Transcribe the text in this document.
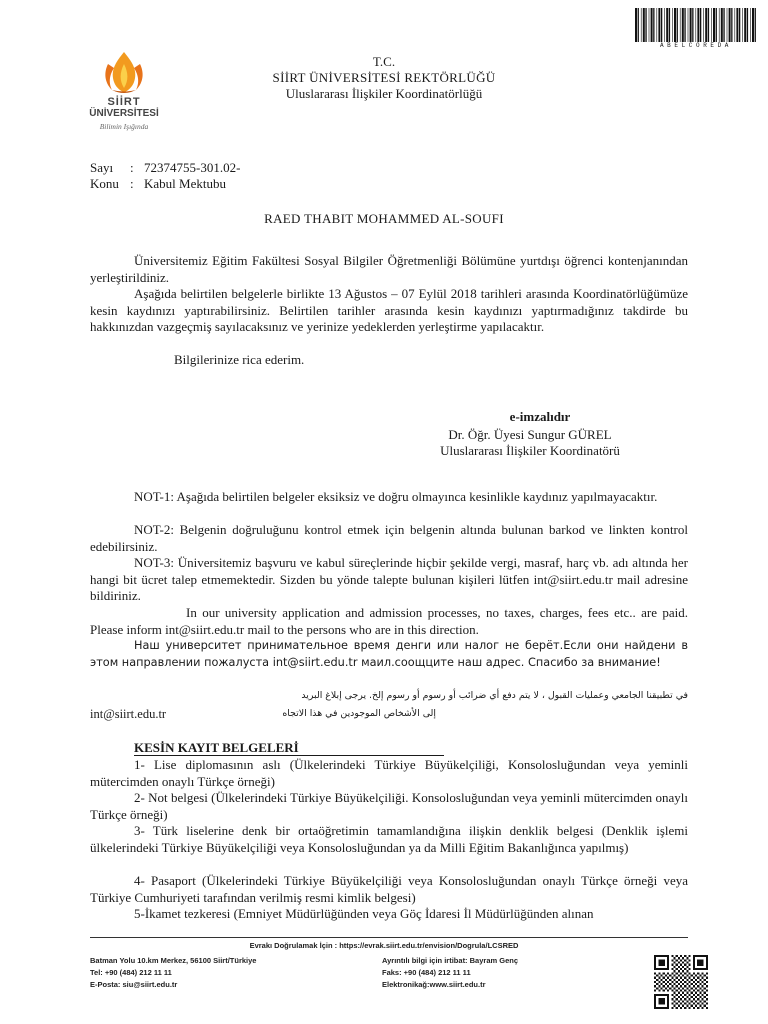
ABELCOREDA
SİİRT
ÜNİVERSİTESİ
Bilimin Işığında
T.C.
SİİRT ÜNİVERSİTESİ REKTÖRLÜĞÜ
Uluslararası İlişkiler Koordinatörlüğü
Sayı : 72374755-301.02-
Konu : Kabul Mektubu
RAED THABIT MOHAMMED AL-SOUFI

Üniversitemiz Eğitim Fakültesi Sosyal Bilgiler Öğretmenliği Bölümüne yurtdışı öğrenci kontenjanından yerleştirildiniz.

Aşağıda belirtilen belgelerle birlikte 13 Ağustos – 07 Eylül 2018 tarihleri arasında Koordinatörlüğümüze kesin kaydınızı yaptırabilirsiniz. Belirtilen tarihler arasında kesin kaydınızı yaptırmadığınız takdirde bu hakkınızdan vazgeçmiş sayılacaksınız ve yerinize yedeklerden yerleştirme yapılacaktır.

Bilgilerinize rica ederim.

e-imzalıdır
Dr. Öğr. Üyesi Sungur GÜREL
Uluslararası İlişkiler Koordinatörü

NOT-1: Aşağıda belirtilen belgeler eksiksiz ve doğru olmayınca kesinlikle kaydınız yapılmayacaktır.

NOT-2: Belgenin doğruluğunu kontrol etmek için belgenin altında bulunan barkod ve linkten kontrol edebilirsiniz.

NOT-3: Üniversitemiz başvuru ve kabul süreçlerinde hiçbir şekilde vergi, masraf, harç vb. adı altında her hangi bit ücret talep etmemektedir. Sizden bu yönde talepte bulunan kişileri lütfen int@siirt.edu.tr mail adresine bildiriniz.

In our university application and admission processes, no taxes, charges, fees etc.. are paid. Please inform int@siirt.edu.tr mail to the persons who are in this direction.

Наш университет принимательное время денги или налог не берёт.Если они найдени в этом направлении пожалуста int@siirt.edu.tr маил.соощците наш адрес. Спасибо за внимание!

في تطبيقنا الجامعي وعمليات القبول ، لا يتم دفع أي ضرائب أو رسوم أو رسوم إلخ. يرجى إبلاغ البريد
int@siirt.edu.tr	إلى الأشخاص الموجودين في هذا الاتجاه
KESİN KAYIT BELGELERİ

1- Lise diplomasının aslı (Ülkelerindeki Türkiye Büyükelçiliği, Konsolosluğundan veya yeminli mütercimden onaylı Türkçe örneği)

2- Not belgesi (Ülkelerindeki Türkiye Büyükelçiliği. Konsolosluğundan veya yeminli mütercimden onaylı Türkçe örneği)

3- Türk liselerine denk bir ortaöğretimin tamamlandığına ilişkin denklik belgesi (Denklik işlemi ülkelerindeki Türkiye Büyükelçiliği veya Konsolosluğundan ya da Milli Eğitim Bakanlığınca yapılmış)

4- Pasaport (Ülkelerindeki Türkiye Büyükelçiliği veya Konsolosluğundan onaylı Türkçe örneği veya Türkiye Cumhuriyeti tarafından verilmiş resmi kimlik belgesi)

5-İkamet tezkeresi (Emniyet Müdürlüğünden veya Göç İdaresi İl Müdürlüğünden alınan

Evrakı Doğrulamak İçin : https://evrak.siirt.edu.tr/envision/Dogrula/LCSRED
Batman Yolu 10.km Merkez, 56100 Siirt/Türkiye
Tel: +90 (484) 212 11 11
E-Posta: siu@siirt.edu.tr
Ayrıntılı bilgi için irtibat: Bayram Genç
Faks: +90 (484) 212 11 11
Elektronikağ:www.siirt.edu.tr
